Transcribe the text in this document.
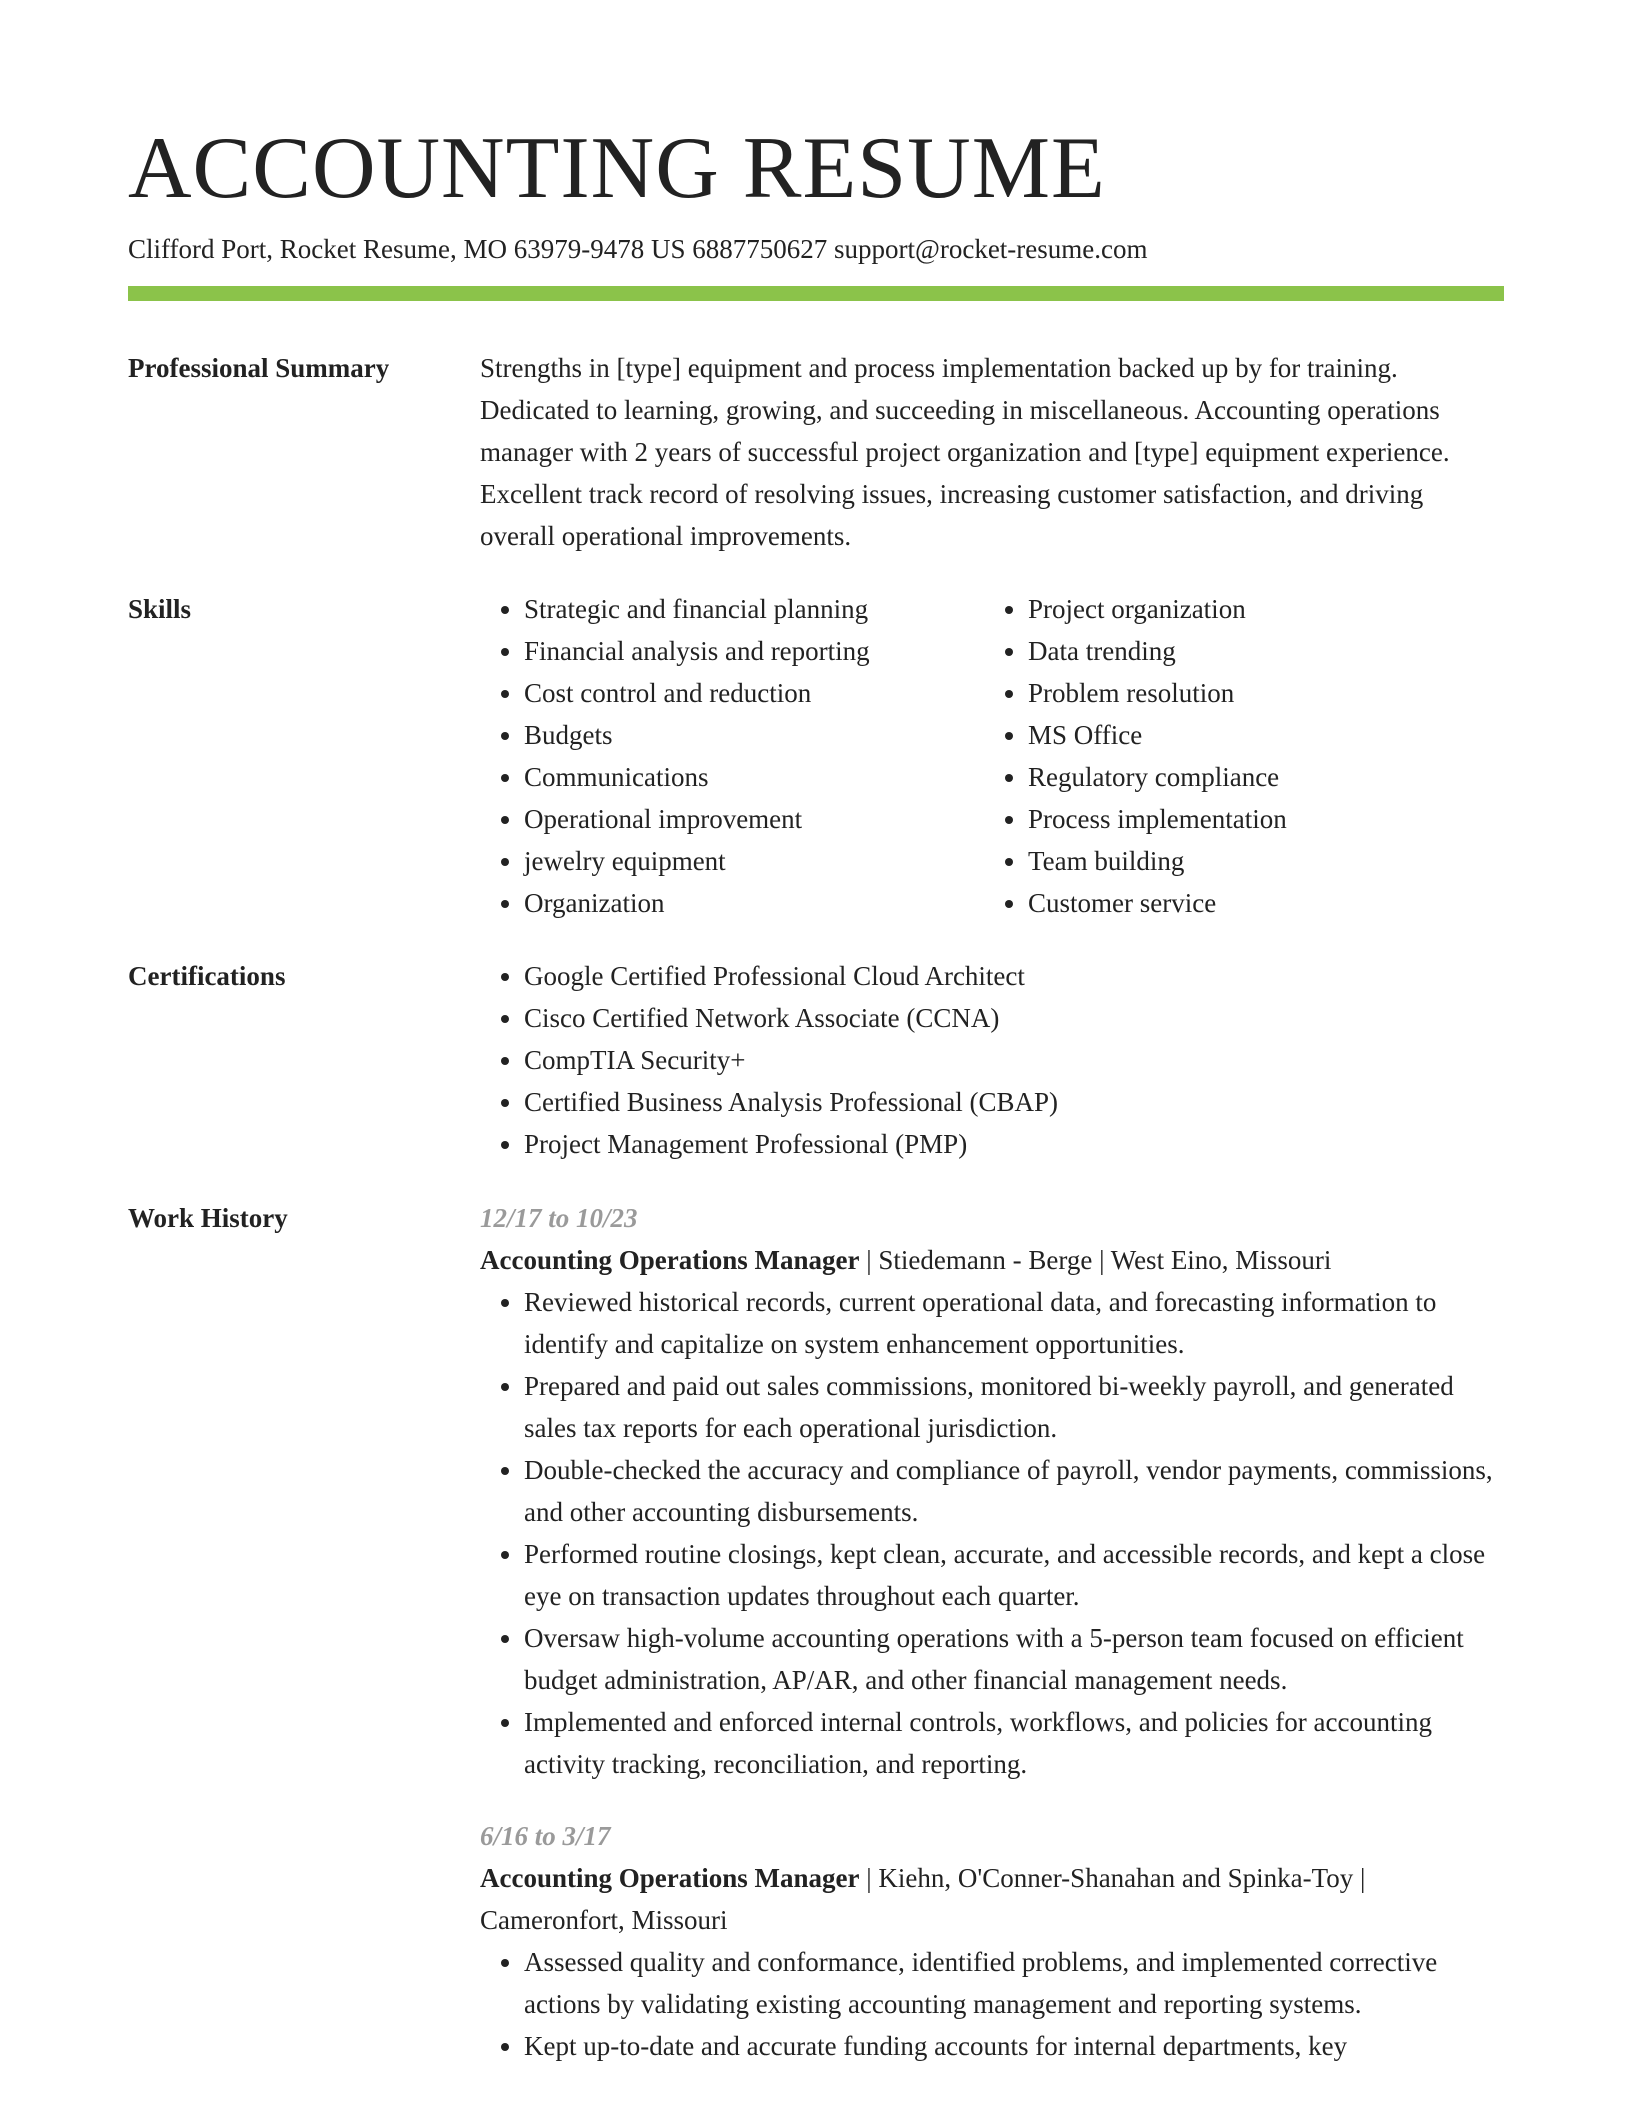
ACCOUNTING RESUME
Clifford Port, Rocket Resume, MO 63979-9478 US 6887750627 support@rocket-resume.com
Professional Summary	Strengths in [type] equipment and process implementation backed up by for training. Dedicated to learning, growing, and succeeding in miscellaneous. Accounting operations manager with 2 years of successful project organization and [type] equipment experience. Excellent track record of resolving issues, increasing customer satisfaction, and driving overall operational improvements.

Skills	• Strategic and financial planning
• Financial analysis and reporting
• Cost control and reduction
• Budgets
• Communications
• Operational improvement
• jewelry equipment
• Organization
• Project organization
• Data trending
• Problem resolution
• MS Office
• Regulatory compliance
• Process implementation
• Team building
• Customer service
Certifications	• Google Certified Professional Cloud Architect
• Cisco Certified Network Associate (CCNA)
• CompTIA Security+
• Certified Business Analysis Professional (CBAP)
• Project Management Professional (PMP)
Work History	12/17 to 10/23
Accounting Operations Manager | Stiedemann - Berge | West Eino, Missouri
• Reviewed historical records, current operational data, and forecasting information to identify and capitalize on system enhancement opportunities.
• Prepared and paid out sales commissions, monitored bi-weekly payroll, and generated sales tax reports for each operational jurisdiction.
• Double-checked the accuracy and compliance of payroll, vendor payments, commissions, and other accounting disbursements.
• Performed routine closings, kept clean, accurate, and accessible records, and kept a close eye on transaction updates throughout each quarter.
• Oversaw high-volume accounting operations with a 5-person team focused on efficient budget administration, AP/AR, and other financial management needs.
• Implemented and enforced internal controls, workflows, and policies for accounting activity tracking, reconciliation, and reporting.
6/16 to 3/17
Accounting Operations Manager | Kiehn, O'Conner-Shanahan and Spinka-Toy | Cameronfort, Missouri
• Assessed quality and conformance, identified problems, and implemented corrective actions by validating existing accounting management and reporting systems.
• Kept up-to-date and accurate funding accounts for internal departments, key
